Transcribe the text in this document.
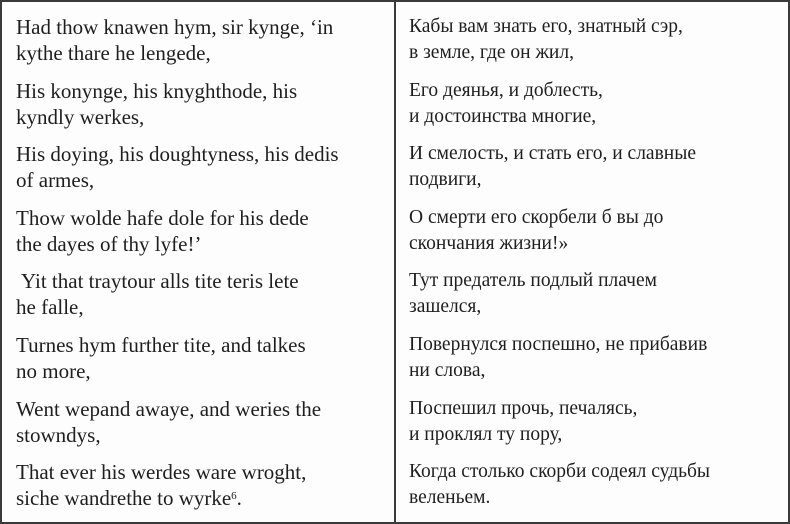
Had thow knawen hym, sir kynge, ‘in
kythe thare he lengede,
His konynge, his knyghthode, his
kyndly werkes,
His doying, his doughtyness, his dedis
of armes,
Thow wolde hafe dole for his dede
the dayes of thy lyfe!’
Yit that traytour alls tite teris lete
he falle,
Turnes hym further tite, and talkes
no more,
Went wepand awaye, and weries the
stowndys,
That ever his werdes ware wroght,
siche wandrethe to wyrke$^6$.
Кабы вам знать его, знатный сэр,
в земле, где он жил,
Его деянья, и доблесть,
и достоинства многие,
И смелость, и стать его, и славные
подвиги,
О смерти его скорбели б вы до
скончания жизни!»
Тут предатель подлый плачем
зашелся,
Повернулся поспешно, не прибавив
ни слова,
Поспешил прочь, печалясь,
и проклял ту пору,
Когда столько скорби содеял судьбы
веленьем.
